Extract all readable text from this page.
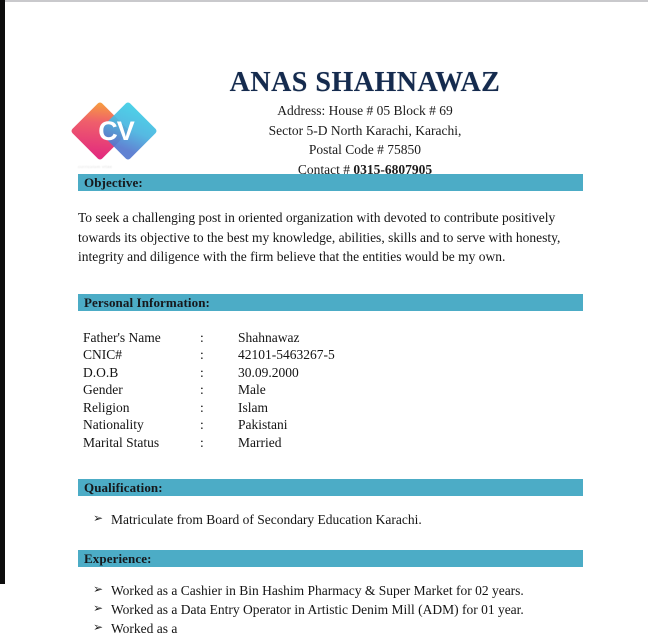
CV
curriculum vitae
ANAS SHAHNAWAZ
Address: House # 05 Block # 69
Sector 5-D North Karachi, Karachi,
Postal Code # 75850
Contact # 0315-6807905
Objective:
To seek a challenging post in oriented organization with devoted to contribute positively towards its objective to the best my knowledge, abilities, skills and to serve with honesty, integrity and diligence with the firm believe that the entities would be my own.
Personal Information:
Father's Name	:	Shahnawaz
CNIC#	:	42101-5463267-5
D.O.B	:	30.09.2000
Gender	:	Male
Religion	:	Islam
Nationality	:	Pakistani
Marital Status	:	Married
Qualification:
➢ Matriculate from Board of Secondary Education Karachi.
Experience:
➢ Worked as a Cashier in Bin Hashim Pharmacy & Super Market for 02 years.
➢ Worked as a Data Entry Operator in Artistic Denim Mill (ADM) for 01 year.
➢ Worked as a
